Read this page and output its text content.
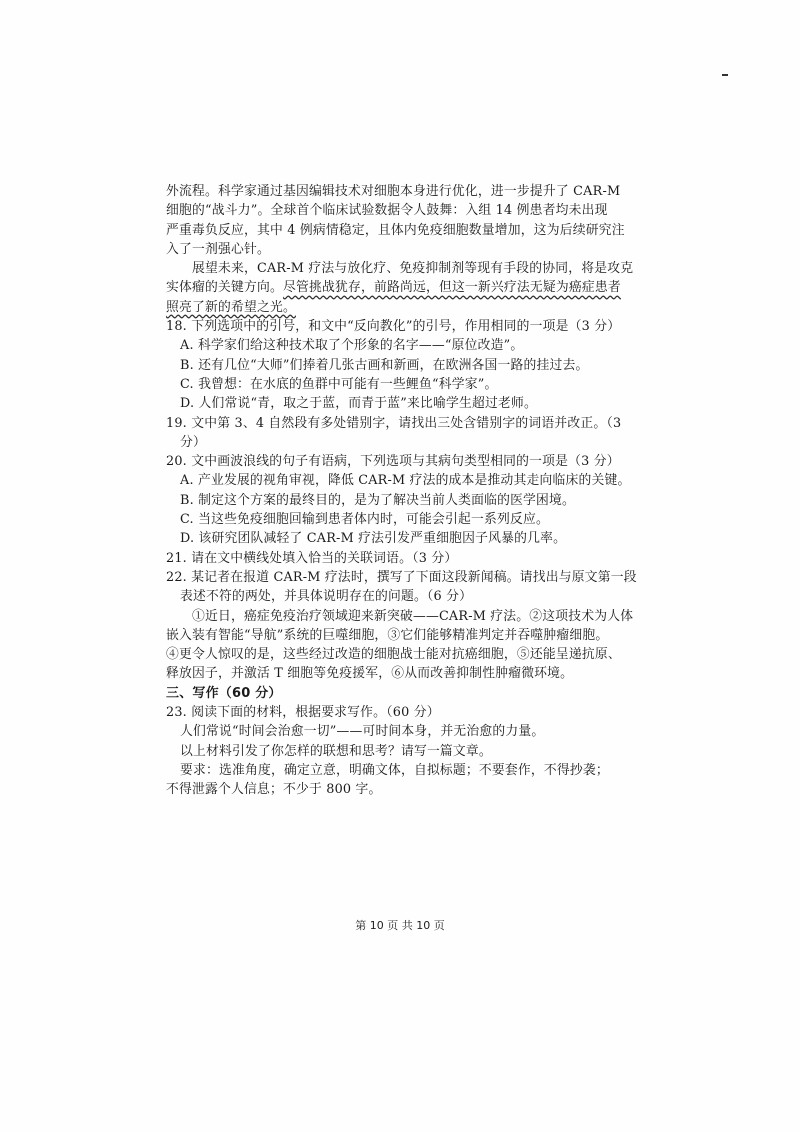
外流程。科学家通过基因编辑技术对细胞本身进行优化，进一步提升了 CAR-M
细胞的“战斗力”。全球首个临床试验数据令人鼓舞：入组 14 例患者均未出现
严重毒负反应，其中 4 例病情稳定，且体内免疫细胞数量增加，这为后续研究注
入了一剂强心针。
展望未来，CAR-M 疗法与放化疗、免疫抑制剂等现有手段的协同，将是攻克
实体瘤的关键方向。尽管挑战犹存，前路尚远，但这一新兴疗法无疑为癌症患者
照亮了新的希望之光。
18. 下列选项中的引号，和文中“反向教化”的引号，作用相同的一项是（3 分）
A. 科学家们给这种技术取了个形象的名字——“原位改造”。
B. 还有几位“大师”们捧着几张古画和新画，在欧洲各国一路的挂过去。
C. 我曾想：在水底的鱼群中可能有一些鲤鱼“科学家”。
D. 人们常说“青，取之于蓝，而青于蓝”来比喻学生超过老师。
19. 文中第 3、4 自然段有多处错别字，请找出三处含错别字的词语并改正。（3
分）
20. 文中画波浪线的句子有语病，下列选项与其病句类型相同的一项是（3 分）
A. 产业发展的视角审视，降低 CAR-M 疗法的成本是推动其走向临床的关键。
B. 制定这个方案的最终目的，是为了解决当前人类面临的医学困境。
C. 当这些免疫细胞回输到患者体内时，可能会引起一系列反应。
D. 该研究团队减轻了 CAR-M 疗法引发严重细胞因子风暴的几率。
21. 请在文中横线处填入恰当的关联词语。（3 分）
22. 某记者在报道 CAR-M 疗法时，撰写了下面这段新闻稿。请找出与原文第一段
表述不符的两处，并具体说明存在的问题。（6 分）
①近日，癌症免疫治疗领域迎来新突破——CAR-M 疗法。②这项技术为人体
嵌入装有智能“导航”系统的巨噬细胞，③它们能够精准判定并吞噬肿瘤细胞。
④更令人惊叹的是，这些经过改造的细胞战士能对抗癌细胞，⑤还能呈递抗原、
释放因子，并激活 T 细胞等免疫援军，⑥从而改善抑制性肿瘤微环境。
三、写作（60 分）
23. 阅读下面的材料，根据要求写作。（60 分）
人们常说“时间会治愈一切”——可时间本身，并无治愈的力量。
以上材料引发了你怎样的联想和思考？请写一篇文章。
要求：选准角度，确定立意，明确文体，自拟标题；不要套作，不得抄袭；
不得泄露个人信息；不少于 800 字。
第 10 页 共 10 页
